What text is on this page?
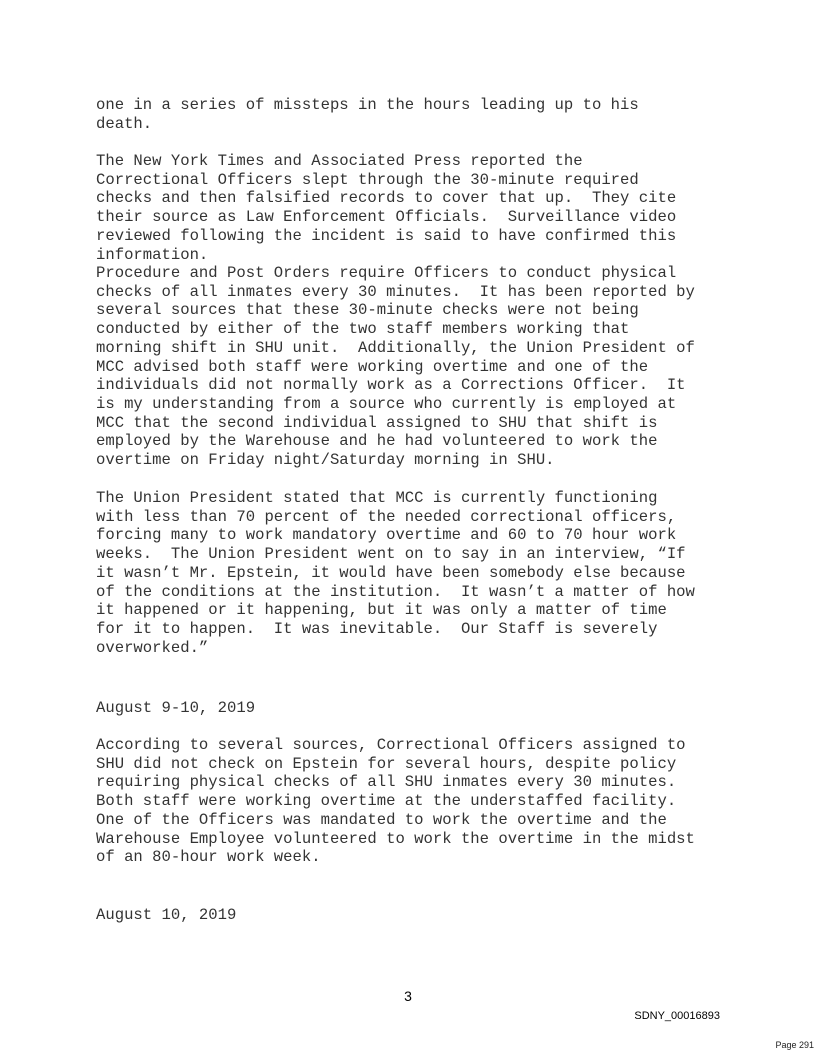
one in a series of missteps in the hours leading up to his
death.

The New York Times and Associated Press reported the
Correctional Officers slept through the 30-minute required
checks and then falsified records to cover that up.  They cite
their source as Law Enforcement Officials.  Surveillance video
reviewed following the incident is said to have confirmed this
information.

Procedure and Post Orders require Officers to conduct physical
checks of all inmates every 30 minutes.  It has been reported by
several sources that these 30-minute checks were not being
conducted by either of the two staff members working that
morning shift in SHU unit.  Additionally, the Union President of
MCC advised both staff were working overtime and one of the
individuals did not normally work as a Corrections Officer.  It
is my understanding from a source who currently is employed at
MCC that the second individual assigned to SHU that shift is
employed by the Warehouse and he had volunteered to work the
overtime on Friday night/Saturday morning in SHU.

The Union President stated that MCC is currently functioning
with less than 70 percent of the needed correctional officers,
forcing many to work mandatory overtime and 60 to 70 hour work
weeks.  The Union President went on to say in an interview, “If
it wasn’t Mr. Epstein, it would have been somebody else because
of the conditions at the institution.  It wasn’t a matter of how
it happened or it happening, but it was only a matter of time
for it to happen.  It was inevitable.  Our Staff is severely
overworked.”

August 9-10, 2019

According to several sources, Correctional Officers assigned to
SHU did not check on Epstein for several hours, despite policy
requiring physical checks of all SHU inmates every 30 minutes.
Both staff were working overtime at the understaffed facility.
One of the Officers was mandated to work the overtime and the
Warehouse Employee volunteered to work the overtime in the midst
of an 80-hour work week.

August 10, 2019

3
SDNY_00016893
Page 291
